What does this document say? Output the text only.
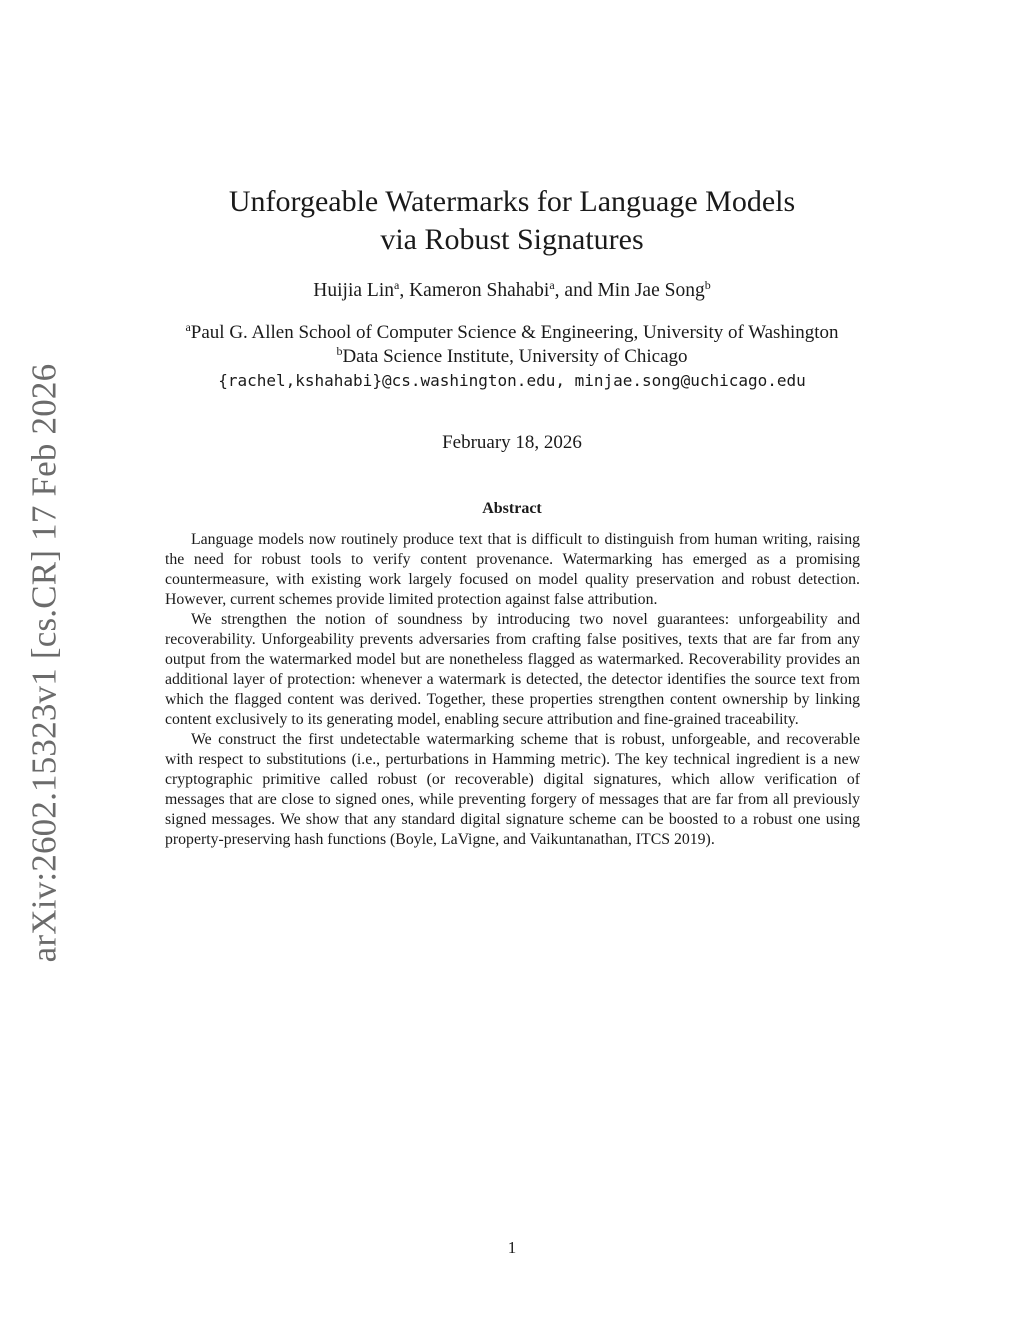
arXiv:2602.15323v1 [cs.CR] 17 Feb 2026
Unforgeable Watermarks for Language Models
via Robust Signatures
Huijia Lin$^a$, Kameron Shahabi$^a$, and Min Jae Song$^b$
$^a$Paul G. Allen School of Computer Science & Engineering, University of Washington
$^b$Data Science Institute, University of Chicago
{rachel,kshahabi}@cs.washington.edu, minjae.song@uchicago.edu
February 18, 2026
Abstract

Language models now routinely produce text that is difficult to distinguish from human writing, raising the need for robust tools to verify content provenance. Watermarking has emerged as a promising countermeasure, with existing work largely focused on model quality preservation and robust detection. However, current schemes provide limited protection against false attribution.

We strengthen the notion of soundness by introducing two novel guarantees: unforgeability and recoverability. Unforgeability prevents adversaries from crafting false positives, texts that are far from any output from the watermarked model but are nonetheless flagged as watermarked. Recoverability provides an additional layer of protection: whenever a watermark is detected, the detector identifies the source text from which the flagged content was derived. Together, these properties strengthen content ownership by linking content exclusively to its generating model, enabling secure attribution and fine-grained traceability.

We construct the first undetectable watermarking scheme that is robust, unforgeable, and recoverable with respect to substitutions (i.e., perturbations in Hamming metric). The key technical ingredient is a new cryptographic primitive called robust (or recoverable) digital signatures, which allow verification of messages that are close to signed ones, while preventing forgery of messages that are far from all previously signed messages. We show that any standard digital signature scheme can be boosted to a robust one using property-preserving hash functions (Boyle, LaVigne, and Vaikuntanathan, ITCS 2019).

1
